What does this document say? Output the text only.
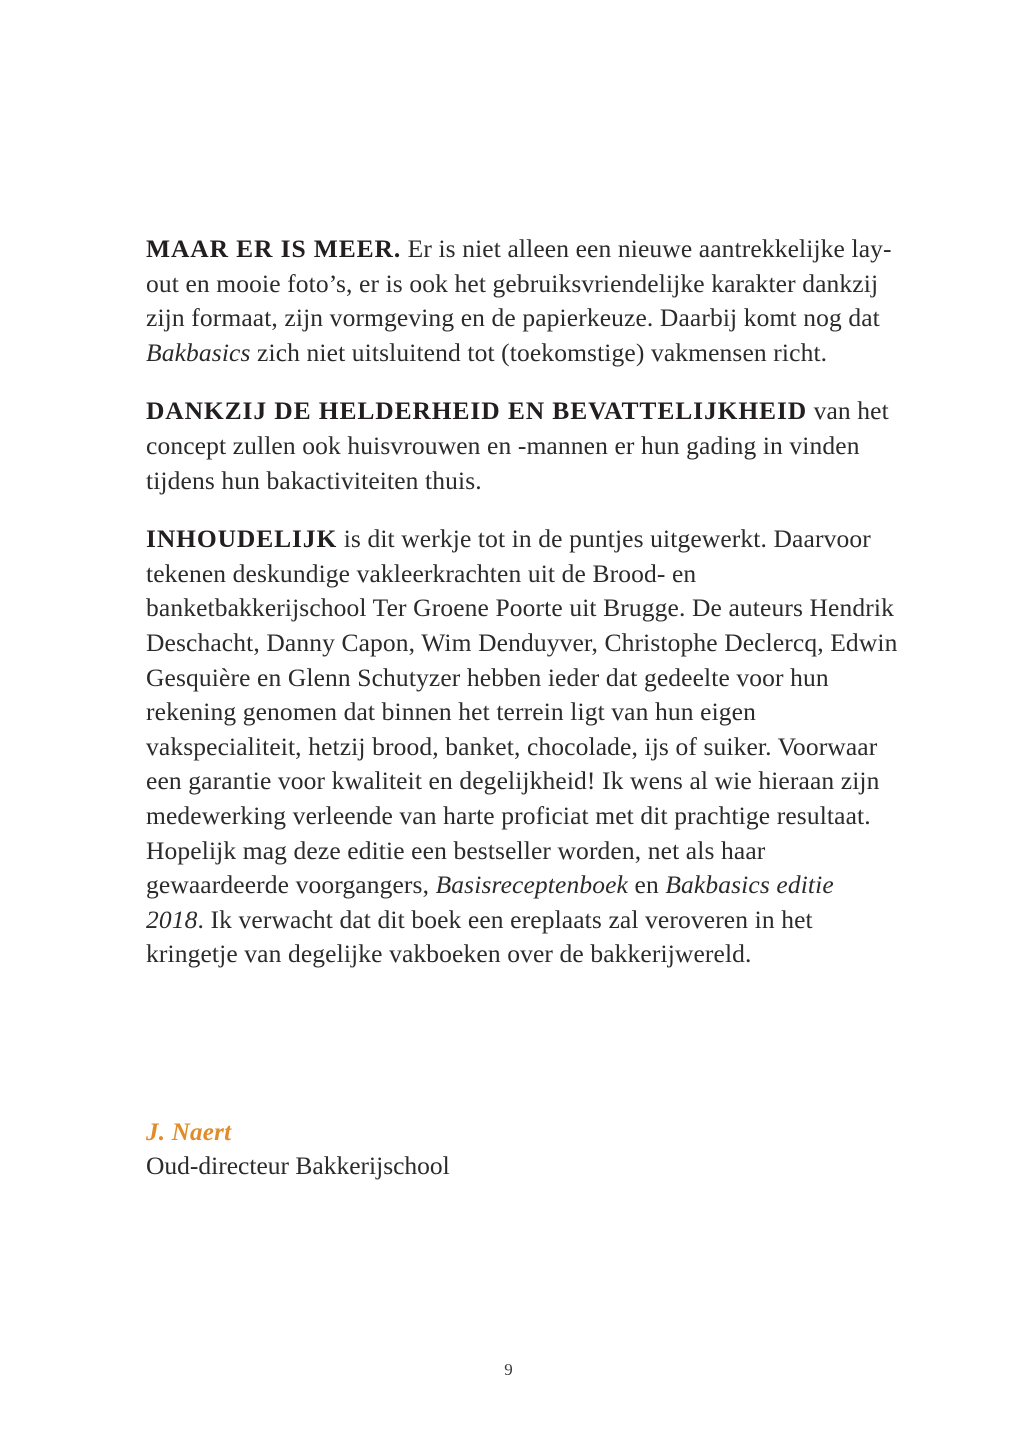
MAAR ER IS MEER. Er is niet alleen een nieuwe aantrekkelijke lay-out en mooie foto’s, er is ook het gebruiksvriendelijke karakter dankzij zijn formaat, zijn vormgeving en de papierkeuze. Daarbij komt nog dat Bakbasics zich niet uitsluitend tot (toekomstige) vakmensen richt.

DANKZIJ DE HELDERHEID EN BEVATTELIJKHEID van het concept zullen ook huisvrouwen en -mannen er hun gading in vinden tijdens hun bakactiviteiten thuis.

INHOUDELIJK is dit werkje tot in de puntjes uitgewerkt. Daarvoor tekenen deskundige vakleerkrachten uit de Brood- en banketbakkerijschool Ter Groene Poorte uit Brugge. De auteurs Hendrik Deschacht, Danny Capon, Wim Denduyver, Christophe Declercq, Edwin Gesquière en Glenn Schutyzer hebben ieder dat gedeelte voor hun rekening genomen dat binnen het terrein ligt van hun eigen vakspecialiteit, hetzij brood, banket, chocolade, ijs of suiker. Voorwaar een garantie voor kwaliteit en degelijkheid! Ik wens al wie hieraan zijn medewerking verleende van harte proficiat met dit prachtige resultaat. Hopelijk mag deze editie een bestseller worden, net als haar gewaardeerde voorgangers, Basisreceptenboek en Bakbasics editie 2018. Ik verwacht dat dit boek een ereplaats zal veroveren in het kringetje van degelijke vakboeken over de bakkerijwereld.

J. Naert

Oud-directeur Bakkerijschool

9
